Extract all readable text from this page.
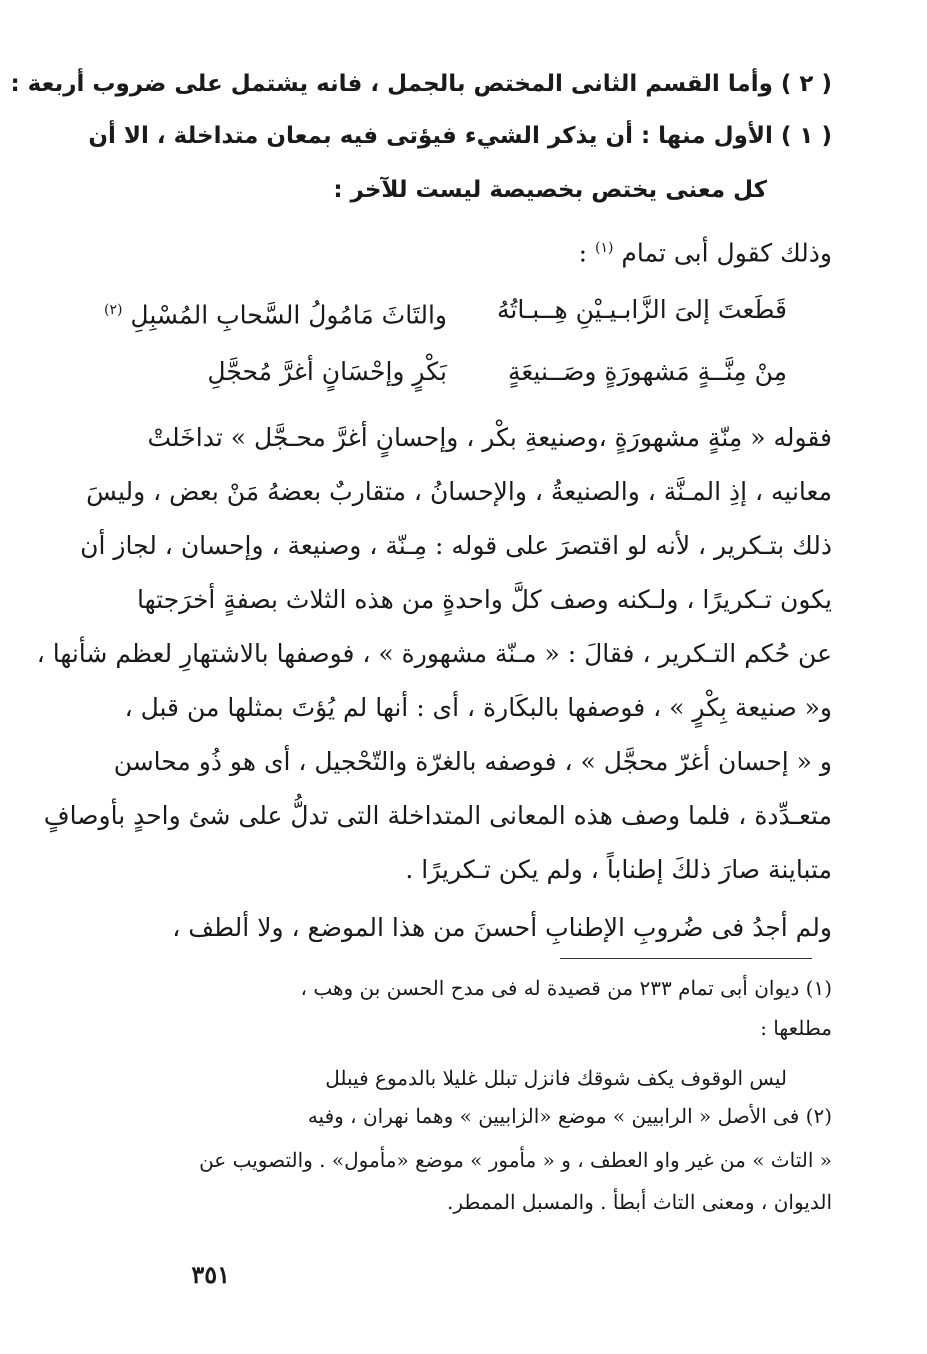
( ٢ ) وأما القسم الثانى المختص بالجمل ، فانه يشتمل على ضروب أربعة :
( ١ ) الأول منها : أن يذكر الشيء فيؤتى فيه بمعان متداخلة ، الا أن
كل معنى يختص بخصيصة ليست للآخر :
وذلك كقول أبى تمام $^{(١)}$ :
قَطَعتَ إلىَ الزَّابـيـيْنِ هِــبـاتُهُ
والتَاثَ مَامُولُ السَّحابِ المُسْبِلِ $^{(٢)}$
مِنْ مِنَّــةٍ مَشهورَةٍ وصَــنيعَةٍ
بَكْرٍ وإحْسَانٍ أغرَّ مُحجَّلِ
فقوله « مِنّةٍ مشهورَةٍ ،وصنيعةِ بكْر ، وإحسانٍ أغرَّ محـجَّل » تداخَلتْ
معانيه ، إذِ المـنَّة ، والصنيعةُ ، والإحسانُ ، متقاربٌ بعضهُ مَنْ بعض ، وليسَ
ذلك بتـكرير ، لأنه لو اقتصرَ على قوله : مِـنّة ، وصنيعة ، وإحسان ، لجاز أن
يكون تـكريرًا ، ولـكنه وصف كلَّ واحدةٍ من هذه الثلاث بصفةٍ أخرَجتها
عن حُكم التـكرير ، فقالَ : « مـنّة مشهورة » ، فوصفها بالاشتهارِ لعظم شأنها ،
و« صنيعة بِكْرٍ » ، فوصفها بالبكَارة ، أى : أنها لم يُؤتَ بمثلها من قبل ،
و « إحسان أغرّ محجَّل » ، فوصفه بالغرّة والتّحْجيل ، أى هو ذُو محاسن
متعـدِّدة ، فلما وصف هذه المعانى المتداخلة التى تدلُّ على شئ واحدٍ بأوصافٍ
متباينة صارَ ذلكَ إطناباً ، ولم يكن تـكريرًا .
ولم أجدُ فى ضُروبِ الإطنابِ أحسنَ من هذا الموضع ، ولا ألطف ،
(١) ديوان أبى تمام ٢٣٣ من قصيدة له فى مدح الحسن بن وهب ،
مطلعها :
ليس الوقوف يكف شوقك فانزل تبلل غليلا بالدموع فيبلل
(٢) فى الأصل « الرابيين » موضع «الزابيين » وهما نهران ، وفيه
« التاث » من غير واو العطف ، و « مأمور » موضع «مأمول» . والتصويب عن
الديوان ، ومعنى التاث أبطأ . والمسبل الممطر.
٣٥١
